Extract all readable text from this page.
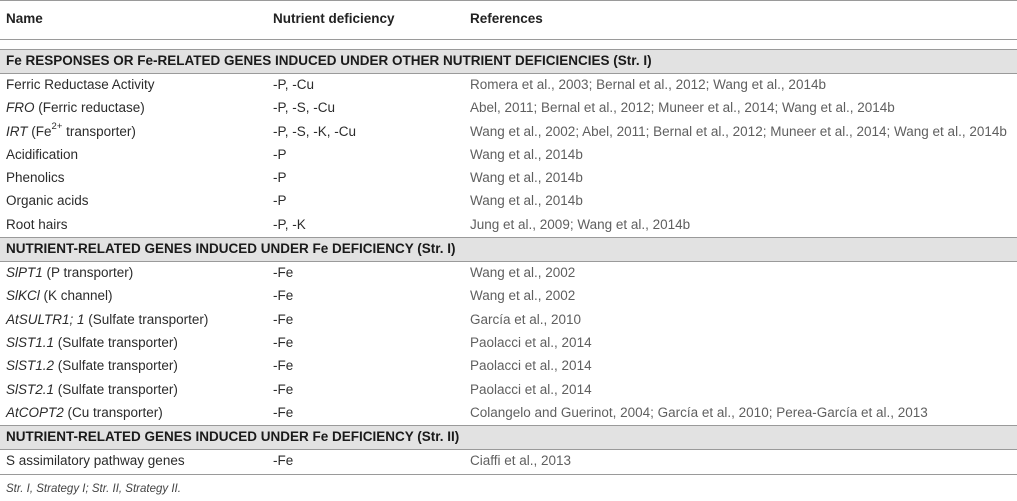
Name	Nutrient deficiency	References
Fe RESPONSES OR Fe-RELATED GENES INDUCED UNDER OTHER NUTRIENT DEFICIENCIES (Str. I)
Ferric Reductase Activity	-P, -Cu	Romera et al., 2003; Bernal et al., 2012; Wang et al., 2014b
FRO (Ferric reductase)	-P, -S, -Cu	Abel, 2011; Bernal et al., 2012; Muneer et al., 2014; Wang et al., 2014b
IRT ($Fe^{2+}$ transporter)	-P, -S, -K, -Cu	Wang et al., 2002; Abel, 2011; Bernal et al., 2012; Muneer et al., 2014; Wang et al., 2014b
Acidification	-P	Wang et al., 2014b
Phenolics	-P	Wang et al., 2014b
Organic acids	-P	Wang et al., 2014b
Root hairs	-P, -K	Jung et al., 2009; Wang et al., 2014b
NUTRIENT-RELATED GENES INDUCED UNDER Fe DEFICIENCY (Str. I)
SlPT1 (P transporter)	-Fe	Wang et al., 2002
SlKCl (K channel)	-Fe	Wang et al., 2002
AtSULTR1; 1 (Sulfate transporter)	-Fe	García et al., 2010
SlST1.1 (Sulfate transporter)	-Fe	Paolacci et al., 2014
SlST1.2 (Sulfate transporter)	-Fe	Paolacci et al., 2014
SlST2.1 (Sulfate transporter)	-Fe	Paolacci et al., 2014
AtCOPT2 (Cu transporter)	-Fe	Colangelo and Guerinot, 2004; García et al., 2010; Perea-García et al., 2013
NUTRIENT-RELATED GENES INDUCED UNDER Fe DEFICIENCY (Str. II)
S assimilatory pathway genes	-Fe	Ciaffi et al., 2013
Str. I, Strategy I; Str. II, Strategy II.
